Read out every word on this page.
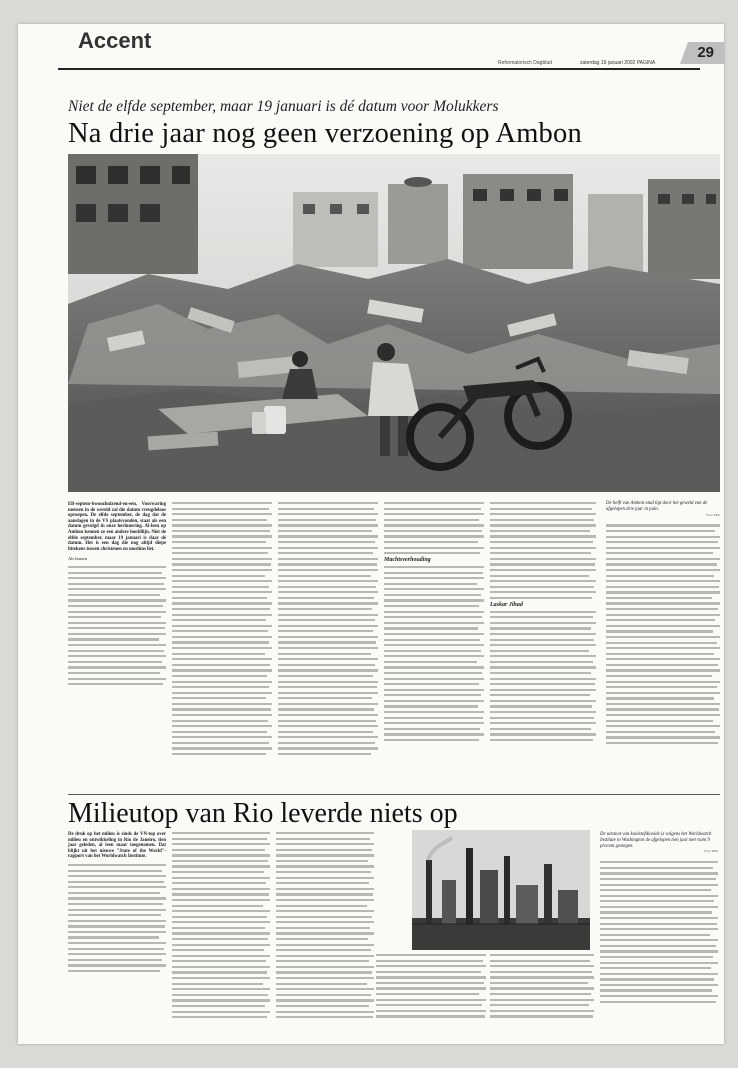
Accent
Reformatorisch Dagblad	zaterdag 19 januari 2002 PAGINA
29
Niet de elfde september, maar 19 januari is dé datum voor Molukkers
Na drie jaar nog geen verzoening op Ambon
Elf-septem-bwoozhuizend-en-een. Voorwaring mensen in de wereld zal die datum vreugdeloos oproepen. De elfde september, de dag dat de aanslagen in de VS plaatsvonden, staat als een datum gevolgd in onze herinnering. Al-leen op Ambon kennen ze een andere hoofdlijn. Niet de elfde september, maar 19 januari is daar dé datum. Het is een dag die nog altijd diepe littekens tussen christenen en moslims liet.
Ab Jansen	Machtsverhouding
Laskar Jihad
De helft van Ambon-stad ligt door het geweld van de afgelopen drie jaar in puin.
Foto EPA
Milieutop van Rio leverde niets op
De druk op het milieu is sinds de VN-top over milieu en ontwikkeling in Rio de Janeiro, tien jaar geleden, al leen maar toegenomen. Dat blijkt uit het nieuwe "State of the World"-rapport van het Worldwatch Institute.
De uitstoot van koolstofdioxide is volgens het Worldwatch Institute in Washington de afgelopen tien jaar met ruim 9 procent gestegen.
Foto EPA
